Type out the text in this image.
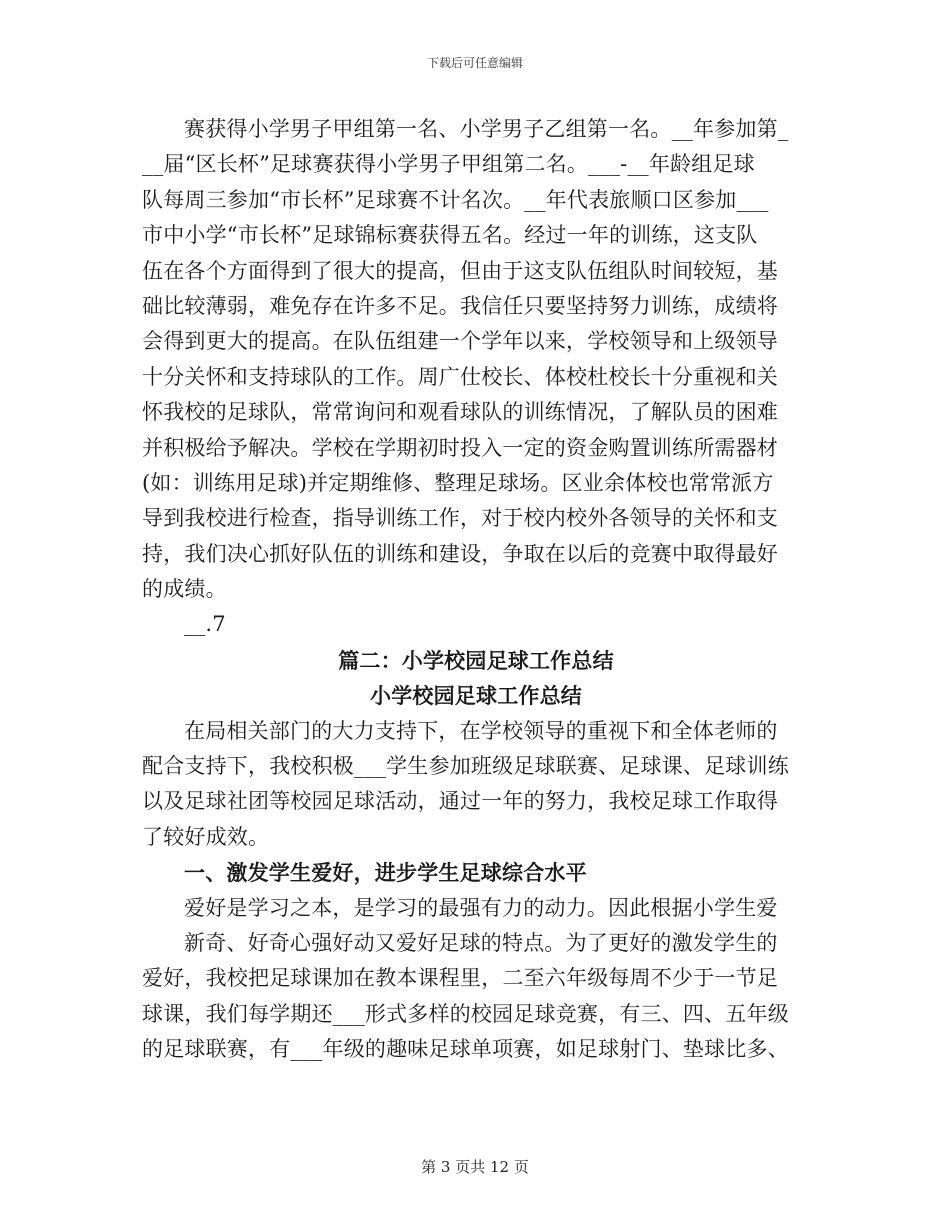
下载后可任意编辑
赛获得小学男子甲组第一名、小学男子乙组第一名。__年参加第_
__届“区长杯”足球赛获得小学男子甲组第二名。___-__年龄组足球
队每周三参加“市长杯”足球赛不计名次。__年代表旅顺口区参加___
市中小学“市长杯”足球锦标赛获得五名。经过一年的训练，这支队
伍在各个方面得到了很大的提高，但由于这支队伍组队时间较短，基
础比较薄弱，难免存在许多不足。我信任只要坚持努力训练，成绩将
会得到更大的提高。在队伍组建一个学年以来，学校领导和上级领导
十分关怀和支持球队的工作。周广仕校长、体校杜校长十分重视和关
怀我校的足球队，常常询问和观看球队的训练情况，了解队员的困难
并积极给予解决。学校在学期初时投入一定的资金购置训练所需器材
(如：训练用足球)并定期维修、整理足球场。区业余体校也常常派方
导到我校进行检查，指导训练工作，对于校内校外各领导的关怀和支
持，我们决心抓好队伍的训练和建设，争取在以后的竞赛中取得最好
的成绩。
__.7
篇二：小学校园足球工作总结
小学校园足球工作总结
在局相关部门的大力支持下，在学校领导的重视下和全体老师的
配合支持下，我校积极___学生参加班级足球联赛、足球课、足球训练
以及足球社团等校园足球活动，通过一年的努力，我校足球工作取得
了较好成效。
一、激发学生爱好，进步学生足球综合水平
爱好是学习之本，是学习的最强有力的动力。因此根据小学生爱
新奇、好奇心强好动又爱好足球的特点。为了更好的激发学生的
爱好，我校把足球课加在教本课程里，二至六年级每周不少于一节足
球课，我们每学期还___形式多样的校园足球竞赛，有三、四、五年级
的足球联赛，有___年级的趣味足球单项赛，如足球射门、垫球比多、
第 3 页共 12 页
